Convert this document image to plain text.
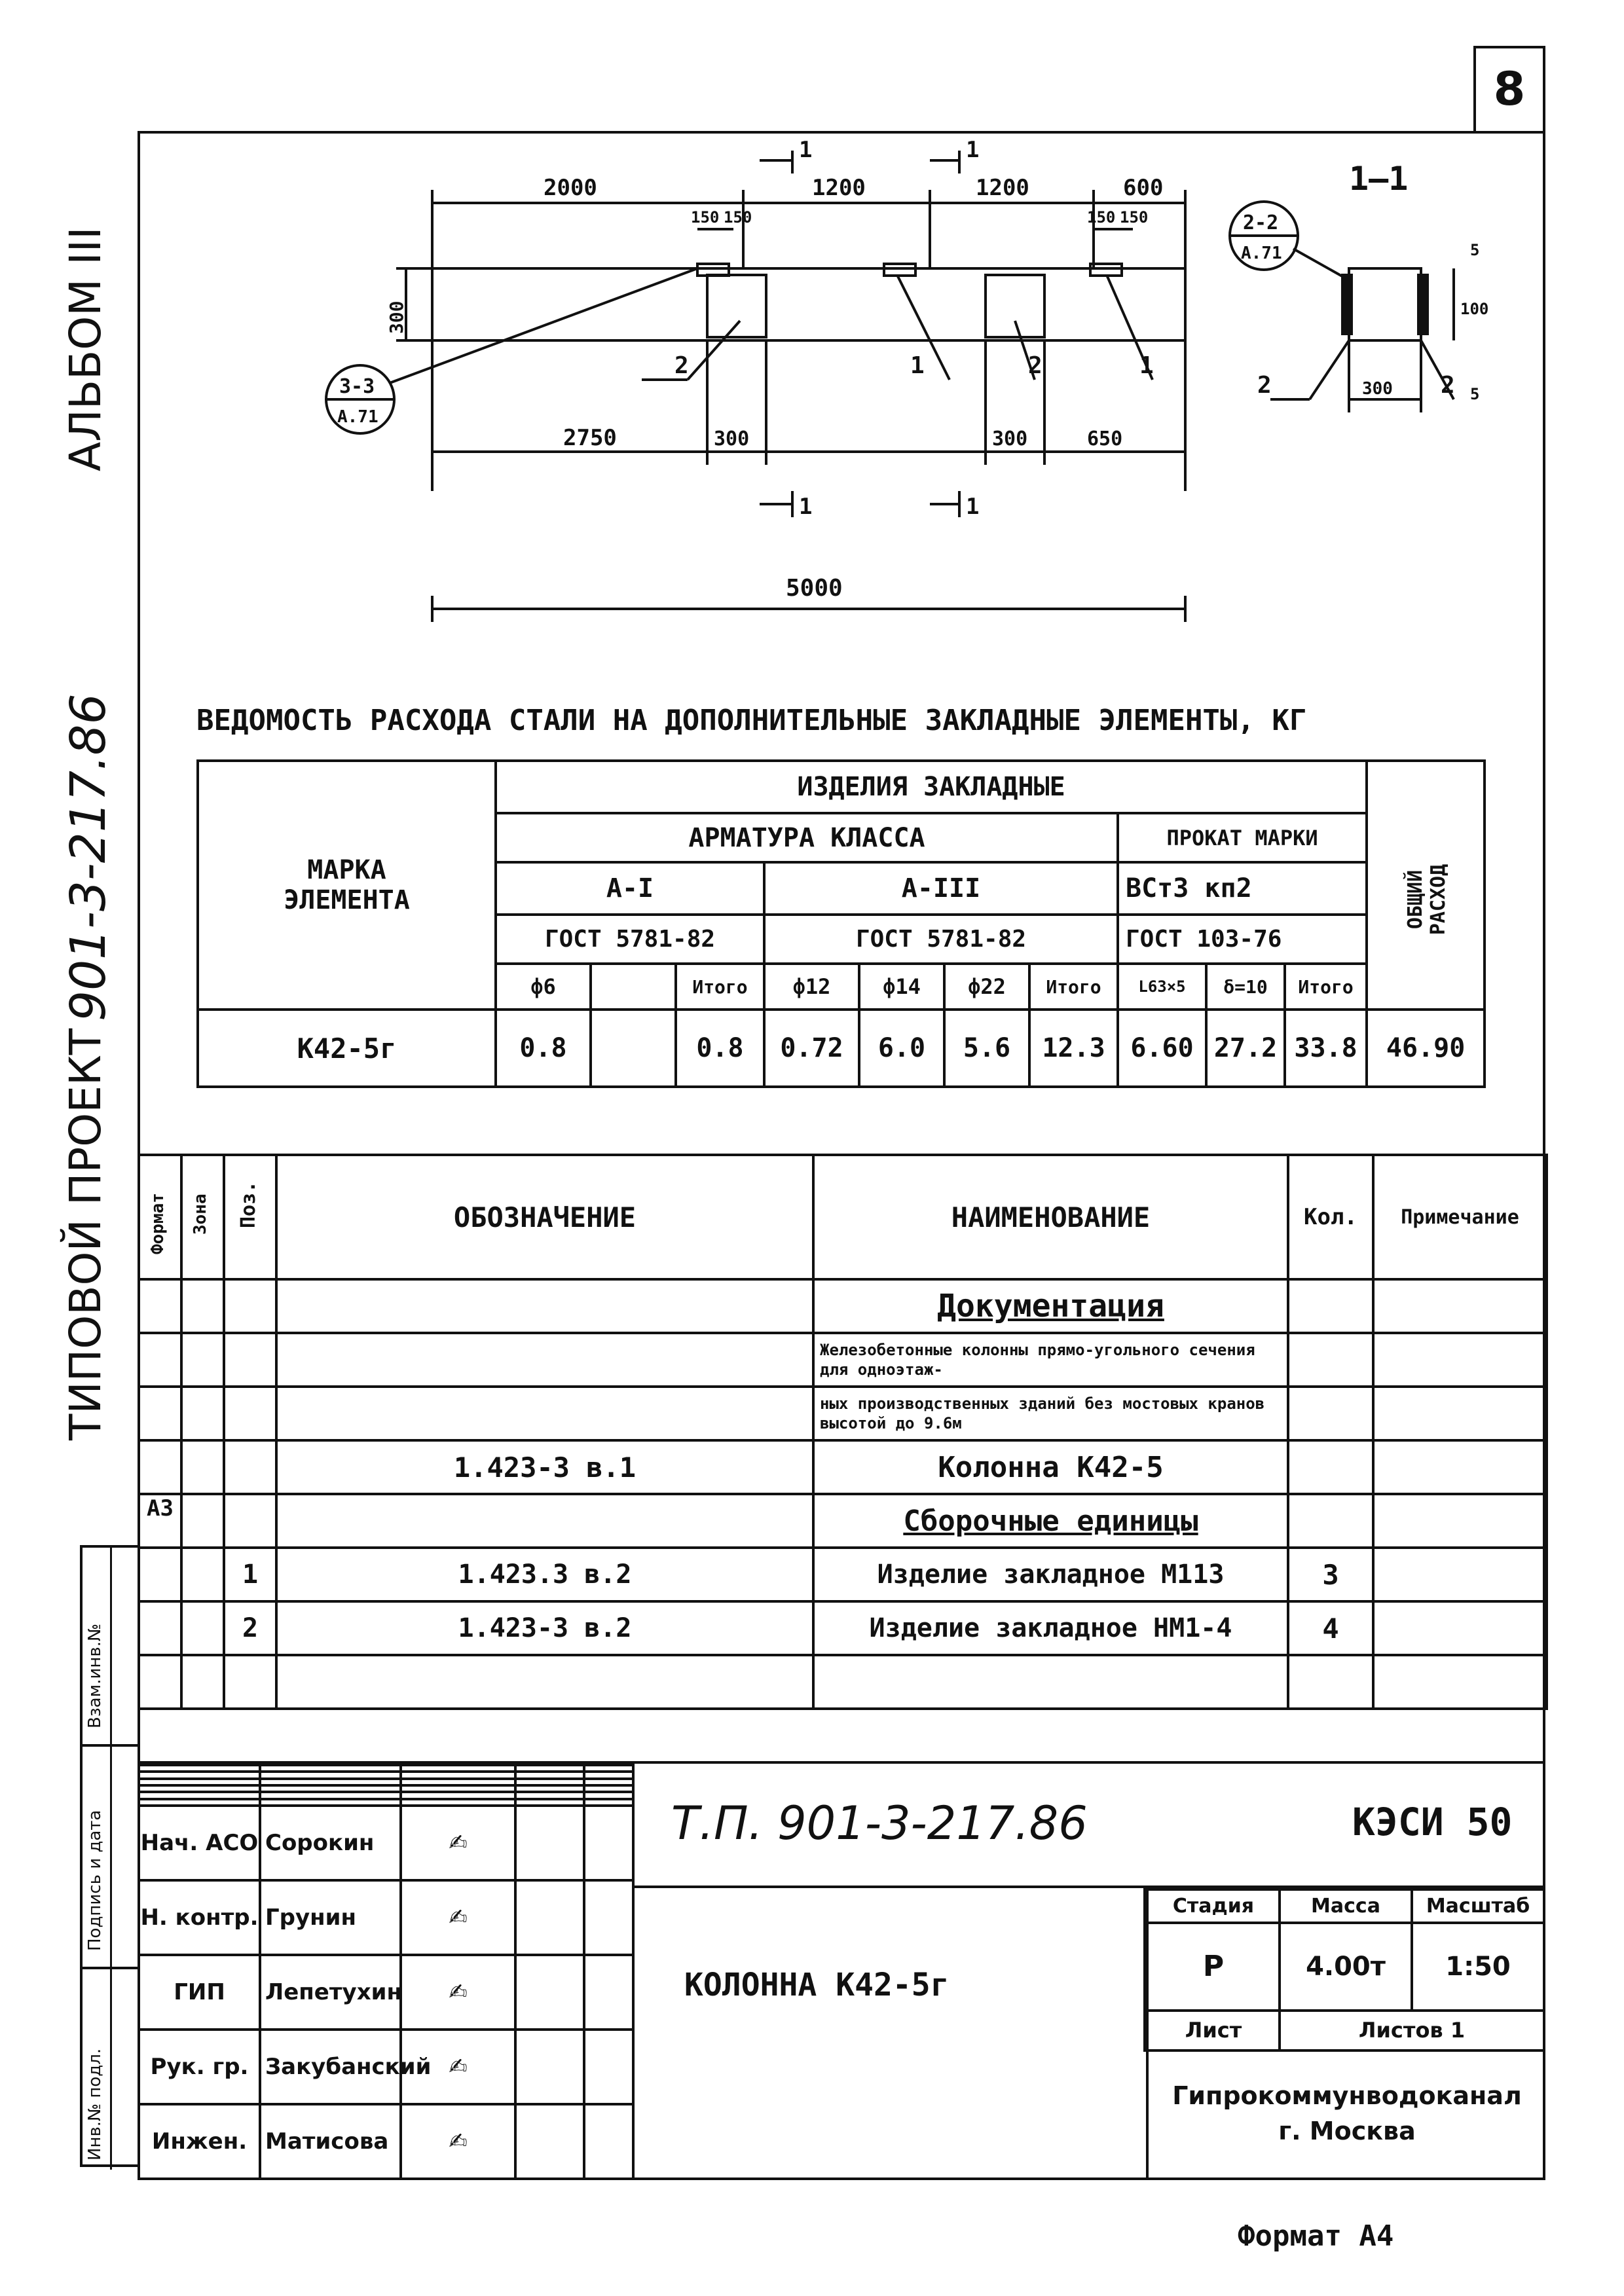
8
АЛЬБОМ III
ТИПОВОЙ ПРОЕКТ
901-3-217.86
Инв.№ подл.
Подпись и дата
Взам.инв.№
2000	1200	1200	600
150 150	150 150
300
2750	300	300	650
5000
3-3
A.71
2	1	2	1
1	1
1	1
1—1
2-2
A.71
300
100
5
5
2	2
ВЕДОМОСТЬ РАСХОДА СТАЛИ НА ДОПОЛНИТЕЛЬНЫЕ ЗАКЛАДНЫЕ ЭЛЕМЕНТЫ, КГ
МАРКА ЭЛЕМЕНТА	ИЗДЕЛИЯ ЗАКЛАДНЫЕ										ОБЩИЙ РАСХОД

	АРМАТУРА КЛАССА							ПРОКАТ МАРКИ			
	А-I			А-III				ВСт3 кп2			
	ГОСТ 5781-82			ГОСТ 5781-82				ГОСТ 103-76			
	ф6		Итого	ф12	ф14	ф22	Итого	L63×5	δ=10	Итого	
К42-5г	0.8		0.8	0.72	6.0	5.6	12.3	6.60	27.2	33.8	46.90
Формат	Зона	Поз.	ОБОЗНАЧЕНИЕ	НАИМЕНОВАНИЕ	Кол.	Примечание
				Документация		
				Железобетонные колонны прямо-угольного сечения для одноэтаж-		
				ных производственных зданий без мостовых кранов высотой до 9.6м		
			1.423-3 в.1	Колонна К42-5		
А3				Сборочные единицы		
		1	1.423.3 в.2	Изделие закладное М113	3	
		2	1.423-3 в.2	Изделие закладное НМ1-4	4	

Нач. АСО	Сорокин	✍		
Н. контр.	Грунин	✍		
ГИП	Лепетухин	✍		
Рук. гр.	Закубанский	✍		
Инжен.	Матисова	✍		
Т.П. 901-3-217.86	КЭСИ 50
КОЛОННА К42-5г
Стадия	Масса	Масштаб
Р	4.00т	1:50
Лист	Листов 1	
Гипрокоммунводоканал
г. Москва
Формат А4
